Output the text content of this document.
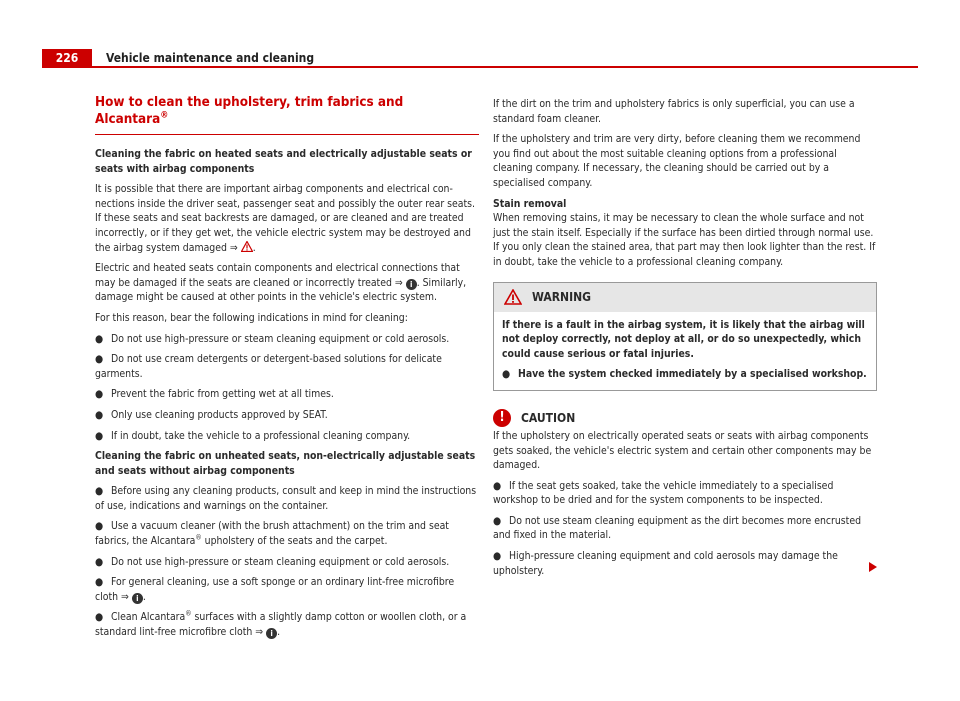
226	Vehicle maintenance and cleaning
How to clean the upholstery, trim fabrics and Alcantara®

Cleaning the fabric on heated seats and electrically adjustable seats or seats with airbag components

It is possible that there are important airbag components and electrical connections inside the driver seat, passenger seat and possibly the outer rear seats. If these seats and seat backrests are damaged, or are cleaned and are treated incorrectly, or if they get wet, the vehicle electric system may be destroyed and the airbag system damaged ⇒ .

Electric and heated seats contain components and electrical connections that may be damaged if the seats are cleaned or incorrectly treated ⇒ i . Similarly, damage might be caused at other points in the vehicle's electric system.

For this reason, bear the following indications in mind for cleaning:

● Do not use high-pressure or steam cleaning equipment or cold aerosols.

● Do not use cream detergents or detergent-based solutions for delicate garments.

● Prevent the fabric from getting wet at all times.

● Only use cleaning products approved by SEAT.

● If in doubt, take the vehicle to a professional cleaning company.

Cleaning the fabric on unheated seats, non-electrically adjustable seats and seats without airbag components

● Before using any cleaning products, consult and keep in mind the instructions of use, indications and warnings on the container.

● Use a vacuum cleaner (with the brush attachment) on the trim and seat fabrics, the Alcantara® upholstery of the seats and the carpet.

● Do not use high-pressure or steam cleaning equipment or cold aerosols.

● For general cleaning, use a soft sponge or an ordinary lint-free microfibre cloth ⇒ i .

● Clean Alcantara® surfaces with a slightly damp cotton or woollen cloth, or a standard lint-free microfibre cloth ⇒ i .

If the dirt on the trim and upholstery fabrics is only superficial, you can use a standard foam cleaner.

If the upholstery and trim are very dirty, before cleaning them we recommend you find out about the most suitable cleaning options from a professional cleaning company. If necessary, the cleaning should be carried out by a specialised company.

Stain removal

When removing stains, it may be necessary to clean the whole surface and not just the stain itself. Especially if the surface has been dirtied through normal use. If you only clean the stained area, that part may then look lighter than the rest. If in doubt, take the vehicle to a professional cleaning company.

WARNING

If there is a fault in the airbag system, it is likely that the airbag will not deploy correctly, not deploy at all, or do so unexpectedly, which could cause serious or fatal injuries.

● Have the system checked immediately by a specialised workshop.

!	CAUTION

If the upholstery on electrically operated seats or seats with airbag components gets soaked, the vehicle's electric system and certain other components may be damaged.

● If the seat gets soaked, take the vehicle immediately to a specialised workshop to be dried and for the system components to be inspected.

● Do not use steam cleaning equipment as the dirt becomes more encrusted and fixed in the material.

● High-pressure cleaning equipment and cold aerosols may damage the upholstery.
